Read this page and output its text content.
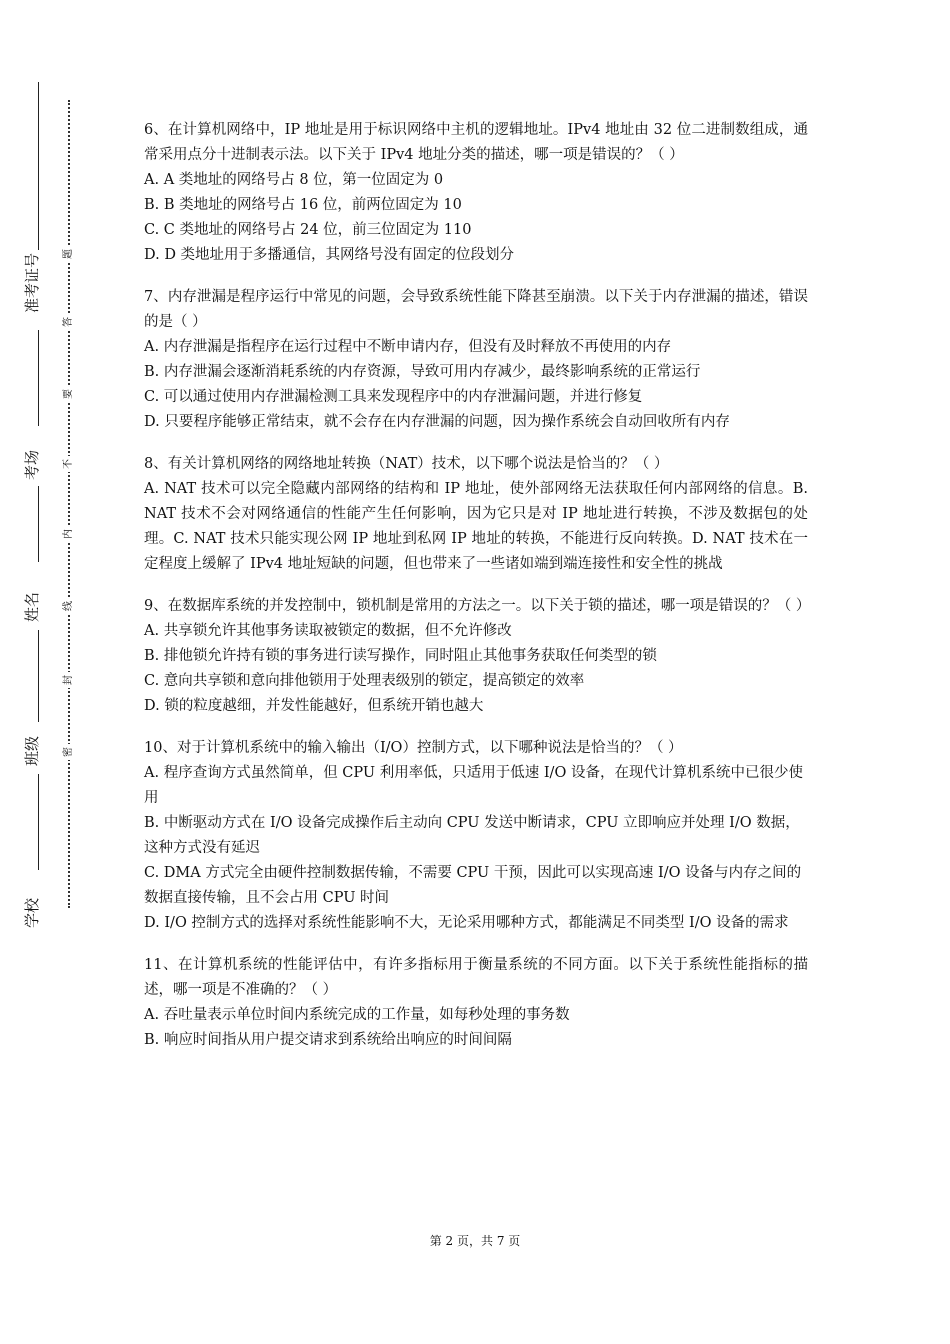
准考证号
考场
姓名
班级
学校
题
答
要
不
内
线
封
密

6、在计算机网络中，IP 地址是用于标识网络中主机的逻辑地址。IPv4 地址由 32 位二进制数组成，通常采用点分十进制表示法。以下关于 IPv4 地址分类的描述，哪一项是错误的？（ ）

A. A 类地址的网络号占 8 位，第一位固定为 0
B. B 类地址的网络号占 16 位，前两位固定为 10
C. C 类地址的网络号占 24 位，前三位固定为 110
D. D 类地址用于多播通信，其网络号没有固定的位段划分

7、内存泄漏是程序运行中常见的问题，会导致系统性能下降甚至崩溃。以下关于内存泄漏的描述，错误的是（ ）

A. 内存泄漏是指程序在运行过程中不断申请内存，但没有及时释放不再使用的内存
B. 内存泄漏会逐渐消耗系统的内存资源，导致可用内存减少，最终影响系统的正常运行
C. 可以通过使用内存泄漏检测工具来发现程序中的内存泄漏问题，并进行修复
D. 只要程序能够正常结束，就不会存在内存泄漏的问题，因为操作系统会自动回收所有内存

8、有关计算机网络的网络地址转换（NAT）技术，以下哪个说法是恰当的？（ ）

A. NAT 技术可以完全隐藏内部网络的结构和 IP 地址，使外部网络无法获取任何内部网络的信息。B. NAT 技术不会对网络通信的性能产生任何影响，因为它只是对 IP 地址进行转换，不涉及数据包的处理。C. NAT 技术只能实现公网 IP 地址到私网 IP 地址的转换，不能进行反向转换。D. NAT 技术在一定程度上缓解了 IPv4 地址短缺的问题，但也带来了一些诸如端到端连接性和安全性的挑战

9、在数据库系统的并发控制中，锁机制是常用的方法之一。以下关于锁的描述，哪一项是错误的？（ ）

A. 共享锁允许其他事务读取被锁定的数据，但不允许修改
B. 排他锁允许持有锁的事务进行读写操作，同时阻止其他事务获取任何类型的锁
C. 意向共享锁和意向排他锁用于处理表级别的锁定，提高锁定的效率
D. 锁的粒度越细，并发性能越好，但系统开销也越大

10、对于计算机系统中的输入输出（I/O）控制方式，以下哪种说法是恰当的？（ ）

A. 程序查询方式虽然简单，但 CPU 利用率低，只适用于低速 I/O 设备，在现代计算机系统中已很少使用
B. 中断驱动方式在 I/O 设备完成操作后主动向 CPU 发送中断请求，CPU 立即响应并处理 I/O 数据，这种方式没有延迟
C. DMA 方式完全由硬件控制数据传输，不需要 CPU 干预，因此可以实现高速 I/O 设备与内存之间的数据直接传输，且不会占用 CPU 时间
D. I/O 控制方式的选择对系统性能影响不大，无论采用哪种方式，都能满足不同类型 I/O 设备的需求

11、在计算机系统的性能评估中，有许多指标用于衡量系统的不同方面。以下关于系统性能指标的描述，哪一项是不准确的？（ ）

A. 吞吐量表示单位时间内系统完成的工作量，如每秒处理的事务数
B. 响应时间指从用户提交请求到系统给出响应的时间间隔
第 2 页，共 7 页
